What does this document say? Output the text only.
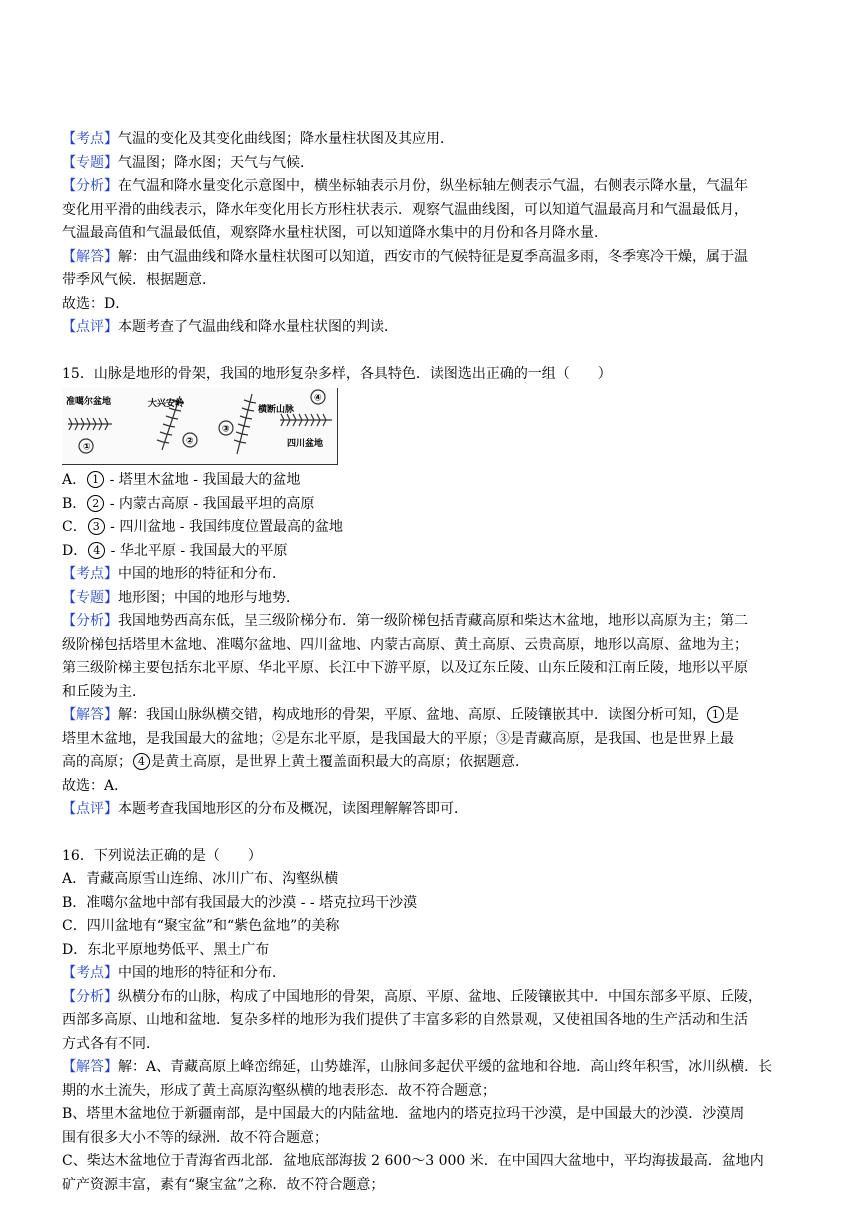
【考点】气温的变化及其变化曲线图；降水量柱状图及其应用．

【专题】气温图；降水图；天气与气候．

【分析】在气温和降水量变化示意图中，横坐标轴表示月份，纵坐标轴左侧表示气温，右侧表示降水量，气温年

变化用平滑的曲线表示，降水年变化用长方形柱状表示．观察气温曲线图，可以知道气温最高月和气温最低月，

气温最高值和气温最低值，观察降水量柱状图，可以知道降水集中的月份和各月降水量．

【解答】解：由气温曲线和降水量柱状图可以知道，西安市的气候特征是夏季高温多雨，冬季寒冷干燥，属于温

带季风气候．根据题意．

故选：D．

【点评】本题考查了气温曲线和降水量柱状图的判读．

15．山脉是地形的骨架，我国的地形复杂多样，各具特色．读图选出正确的一组（　　）

准噶尔盆地
①
大兴安岭
②
横断山脉
③
四川盆地
④

A． 1 - 塔里木盆地 - 我国最大的盆地

B． 2 - 内蒙古高原 - 我国最平坦的高原

C． 3 - 四川盆地 - 我国纬度位置最高的盆地

D． 4 - 华北平原 - 我国最大的平原

【考点】中国的地形的特征和分布．

【专题】地形图；中国的地形与地势．

【分析】我国地势西高东低，呈三级阶梯分布．第一级阶梯包括青藏高原和柴达木盆地，地形以高原为主；第二

级阶梯包括塔里木盆地、准噶尔盆地、四川盆地、内蒙古高原、黄土高原、云贵高原，地形以高原、盆地为主；

第三级阶梯主要包括东北平原、华北平原、长江中下游平原，以及辽东丘陵、山东丘陵和江南丘陵，地形以平原

和丘陵为主．

【解答】解：我国山脉纵横交错，构成地形的骨架，平原、盆地、高原、丘陵镶嵌其中．读图分析可知， 1 是

塔里木盆地，是我国最大的盆地；②是东北平原，是我国最大的平原；③是青藏高原，是我国、也是世界上最

高的高原； 4 是黄土高原，是世界上黄土覆盖面积最大的高原；依据题意．

故选：A．

【点评】本题考查我国地形区的分布及概况，读图理解解答即可．

16．下列说法正确的是（　　）

A．青藏高原雪山连绵、冰川广布、沟壑纵横

B．准噶尔盆地中部有我国最大的沙漠 - - 塔克拉玛干沙漠

C．四川盆地有“聚宝盆”和“紫色盆地”的美称

D．东北平原地势低平、黑土广布

【考点】中国的地形的特征和分布．

【分析】纵横分布的山脉，构成了中国地形的骨架，高原、平原、盆地、丘陵镶嵌其中．中国东部多平原、丘陵，

西部多高原、山地和盆地．复杂多样的地形为我们提供了丰富多彩的自然景观，又使祖国各地的生产活动和生活

方式各有不同．

【解答】解：A、青藏高原上峰峦绵延，山势雄浑，山脉间多起伏平缓的盆地和谷地．高山终年积雪，冰川纵横．长

期的水土流失，形成了黄土高原沟壑纵横的地表形态．故不符合题意；

B、塔里木盆地位于新疆南部，是中国最大的内陆盆地．盆地内的塔克拉玛干沙漠，是中国最大的沙漠．沙漠周

围有很多大小不等的绿洲．故不符合题意；

C、柴达木盆地位于青海省西北部．盆地底部海拔 2 600～3 000 米．在中国四大盆地中，平均海拔最高．盆地内

矿产资源丰富，素有“聚宝盆”之称．故不符合题意；
